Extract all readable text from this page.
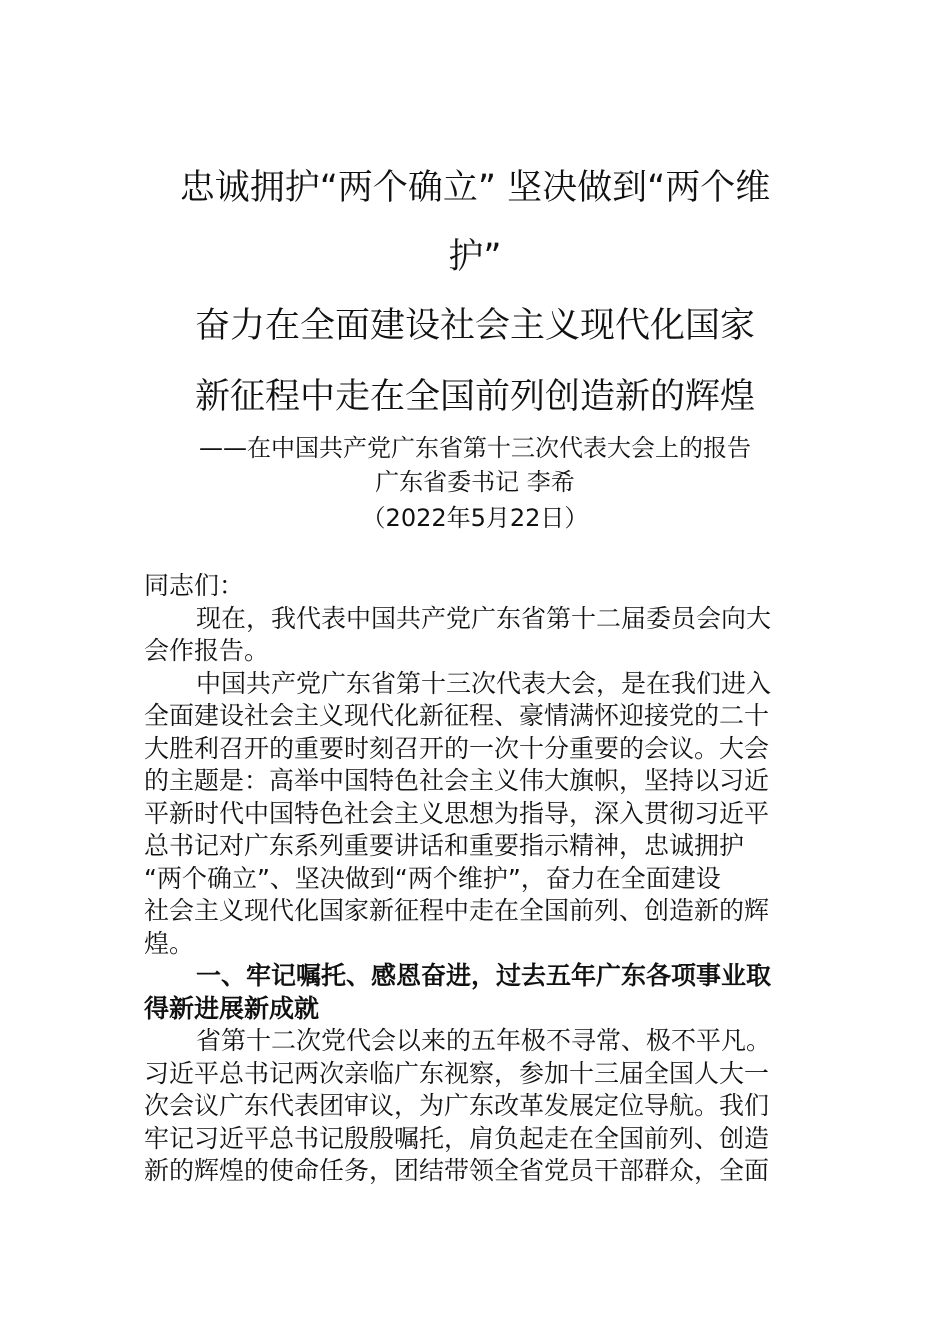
忠诚拥护“两个确立” 坚决做到“两个维
护”
奋力在全面建设社会主义现代化国家
新征程中走在全国前列创造新的辉煌

——在中国共产党广东省第十三次代表大会上的报告

广东省委书记 李希

（2022年5月22日）

同志们：
现在，我代表中国共产党广东省第十二届委员会向大
会作报告。
中国共产党广东省第十三次代表大会，是在我们进入
全面建设社会主义现代化新征程、豪情满怀迎接党的二十
大胜利召开的重要时刻召开的一次十分重要的会议。大会
的主题是：高举中国特色社会主义伟大旗帜，坚持以习近
平新时代中国特色社会主义思想为指导，深入贯彻习近平
总书记对广东系列重要讲话和重要指示精神，忠诚拥护
“两个确立”、坚决做到“两个维护”，奋力在全面建设
社会主义现代化国家新征程中走在全国前列、创造新的辉
煌。
一、牢记嘱托、感恩奋进，过去五年广东各项事业取
得新进展新成就
省第十二次党代会以来的五年极不寻常、极不平凡。
习近平总书记两次亲临广东视察，参加十三届全国人大一
次会议广东代表团审议，为广东改革发展定位导航。我们
牢记习近平总书记殷殷嘱托，肩负起走在全国前列、创造
新的辉煌的使命任务，团结带领全省党员干部群众，全面
